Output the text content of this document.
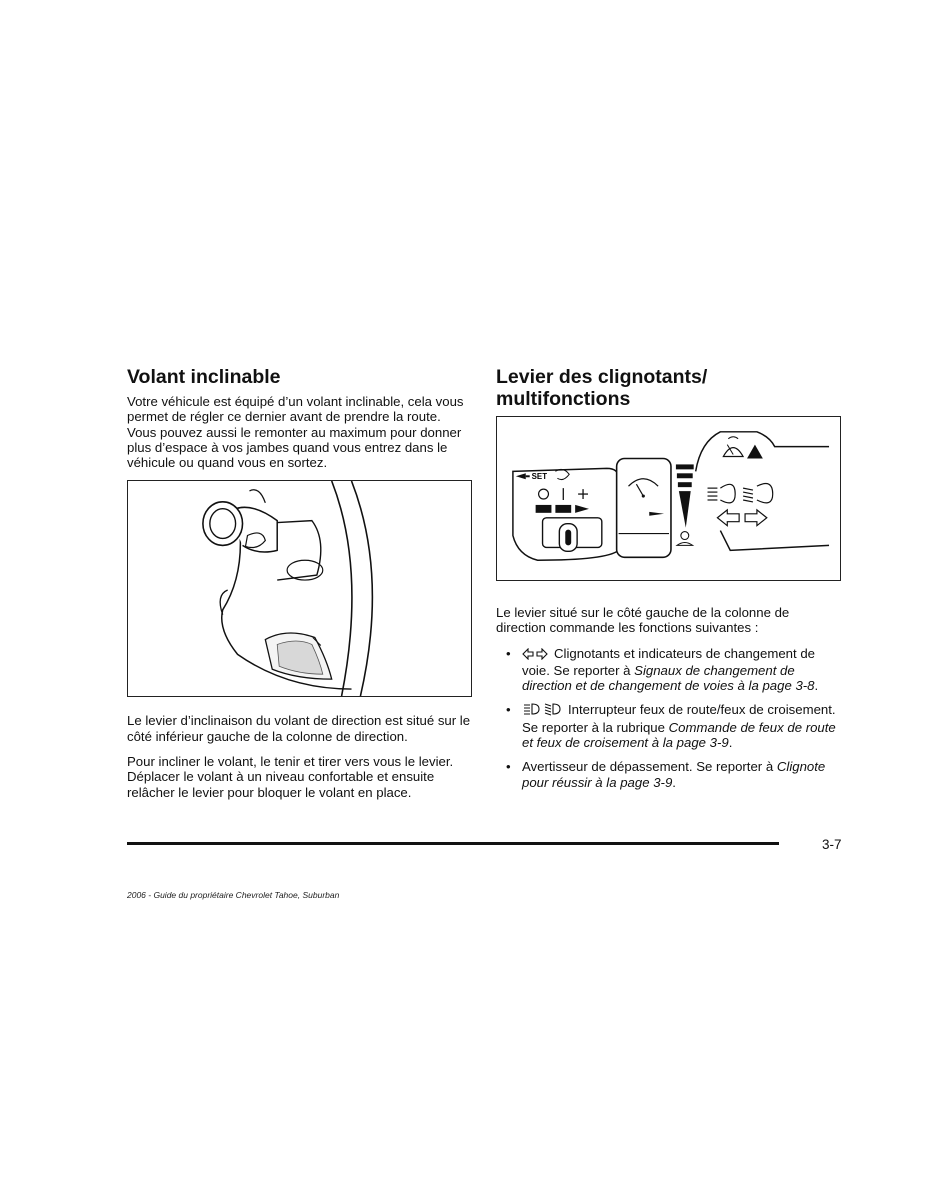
Volant inclinable

Votre véhicule est équipé d’un volant inclinable, cela vous permet de régler ce dernier avant de prendre la route. Vous pouvez aussi le remonter au maximum pour donner plus d’espace à vos jambes quand vous entrez dans le véhicule ou quand vous en sortez.

Le levier d’inclinaison du volant de direction est situé sur le côté inférieur gauche de la colonne de direction.

Pour incliner le volant, le tenir et tirer vers vous le levier. Déplacer le volant à un niveau confortable et ensuite relâcher le levier pour bloquer le volant en place.

Levier des clignotants/
multifonctions
SET

Le levier situé sur le côté gauche de la colonne de direction commande les fonctions suivantes :

•	Clignotants et indicateurs de changement de voie. Se reporter à Signaux de changement de direction et de changement de voies à la page 3-8.
•	Interrupteur feux de route/feux de croisement. Se reporter à la rubrique Commande de feux de route et feux de croisement à la page 3-9.
• Avertisseur de dépassement. Se reporter à Clignote pour réussir à la page 3-9.
3-7
2006 - Guide du propriétaire Chevrolet Tahoe, Suburban
